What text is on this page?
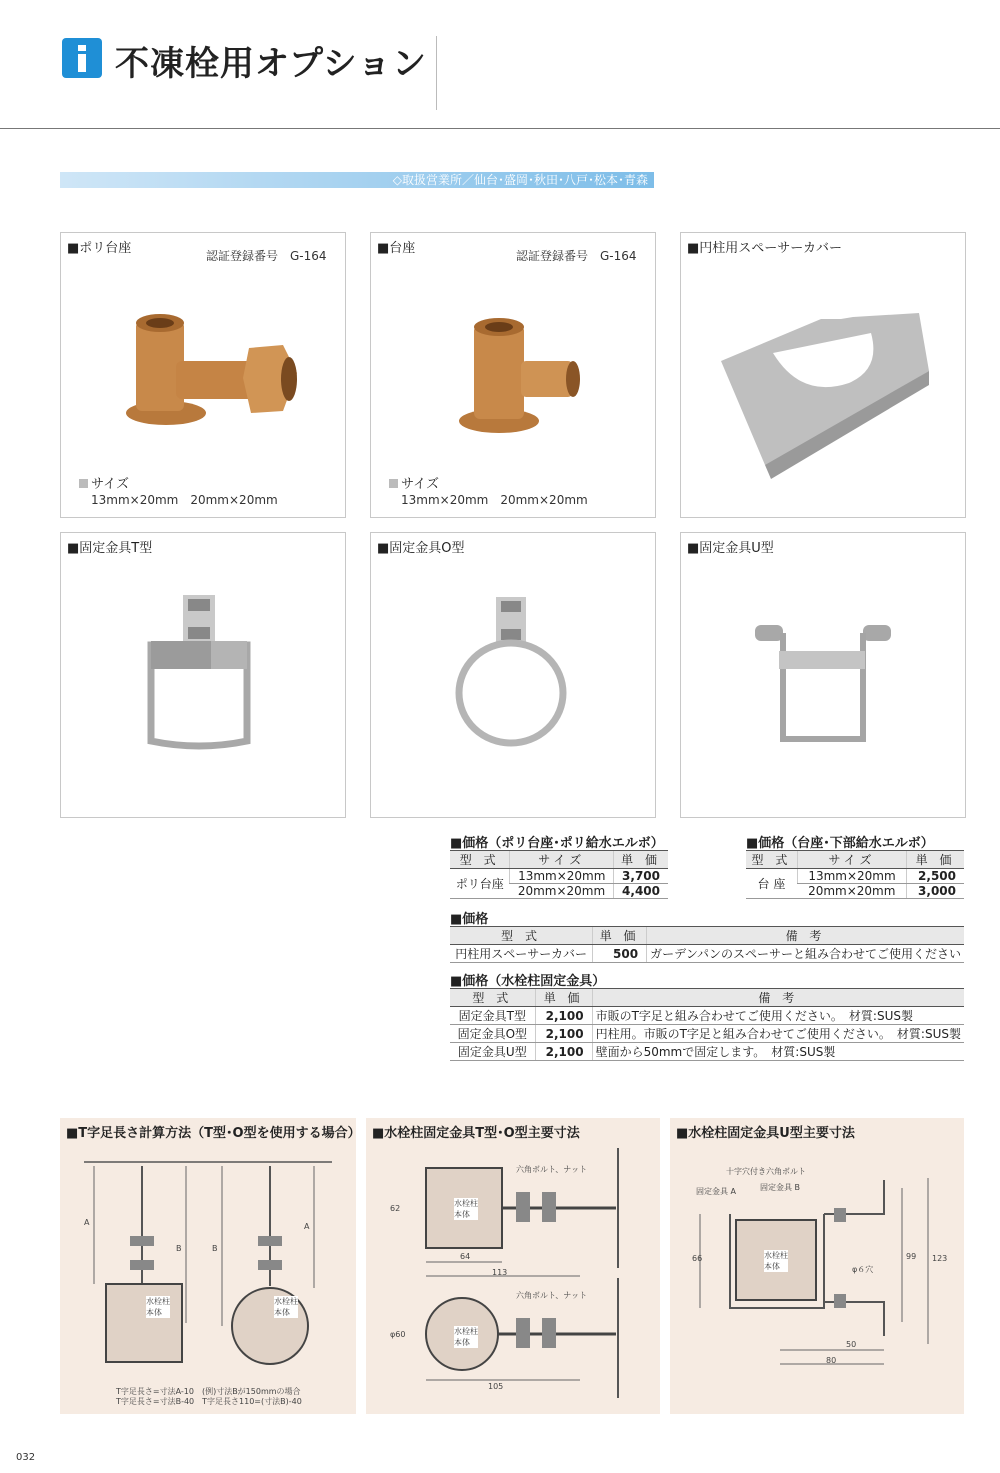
不凍栓用オプション
◇取扱営業所／仙台･盛岡･秋田･八戸･松本･青森
■ポリ台座	認証登録番号　G-164
サイズ
13mm×20mm　20mm×20mm
■台座	認証登録番号　G-164
サイズ
13mm×20mm　20mm×20mm
■円柱用スペーサーカバー
■固定金具T型	■固定金具O型	■固定金具U型
■価格（ポリ台座･ポリ給水エルボ）
型 式	サイズ	単 価
ポリ台座	13mm×20mm	3,700
	20mm×20mm	4,400
■価格（台座･下部給水エルボ）
型 式	サイズ	単 価
台 座	13mm×20mm	2,500
	20mm×20mm	3,000
■価格
型 式	単 価	備 考
円柱用スペーサーカバー	500	ガーデンパンのスペーサーと組み合わせてご使用ください
■価格（水栓柱固定金具）
型 式	単 価	備 考
固定金具T型	2,100	市販のT字足と組み合わせてご使用ください。　材質:SUS製
固定金具O型	2,100	円柱用。市販のT字足と組み合わせてご使用ください。　材質:SUS製
固定金具U型	2,100	壁面から50mmで固定します。　材質:SUS製
■T字足長さ計算方法（T型･O型を使用する場合）
A
B	B
A
水栓柱本体
水栓柱本体
T字足長さ=寸法A-10　(例)寸法Bが150mmの場合
T字足長さ=寸法B-40　T字足長さ110=(寸法B)-40
■水栓柱固定金具T型･O型主要寸法
六角ボルト、ナット
六角ボルト、ナット
水栓柱本体
水栓柱本体
62
64
113
φ60
105
■水栓柱固定金具U型主要寸法
十字穴付き六角ボルト
固定金具 A	固定金具 B
水栓柱本体	φ６穴
66	99 123
50
80
032
